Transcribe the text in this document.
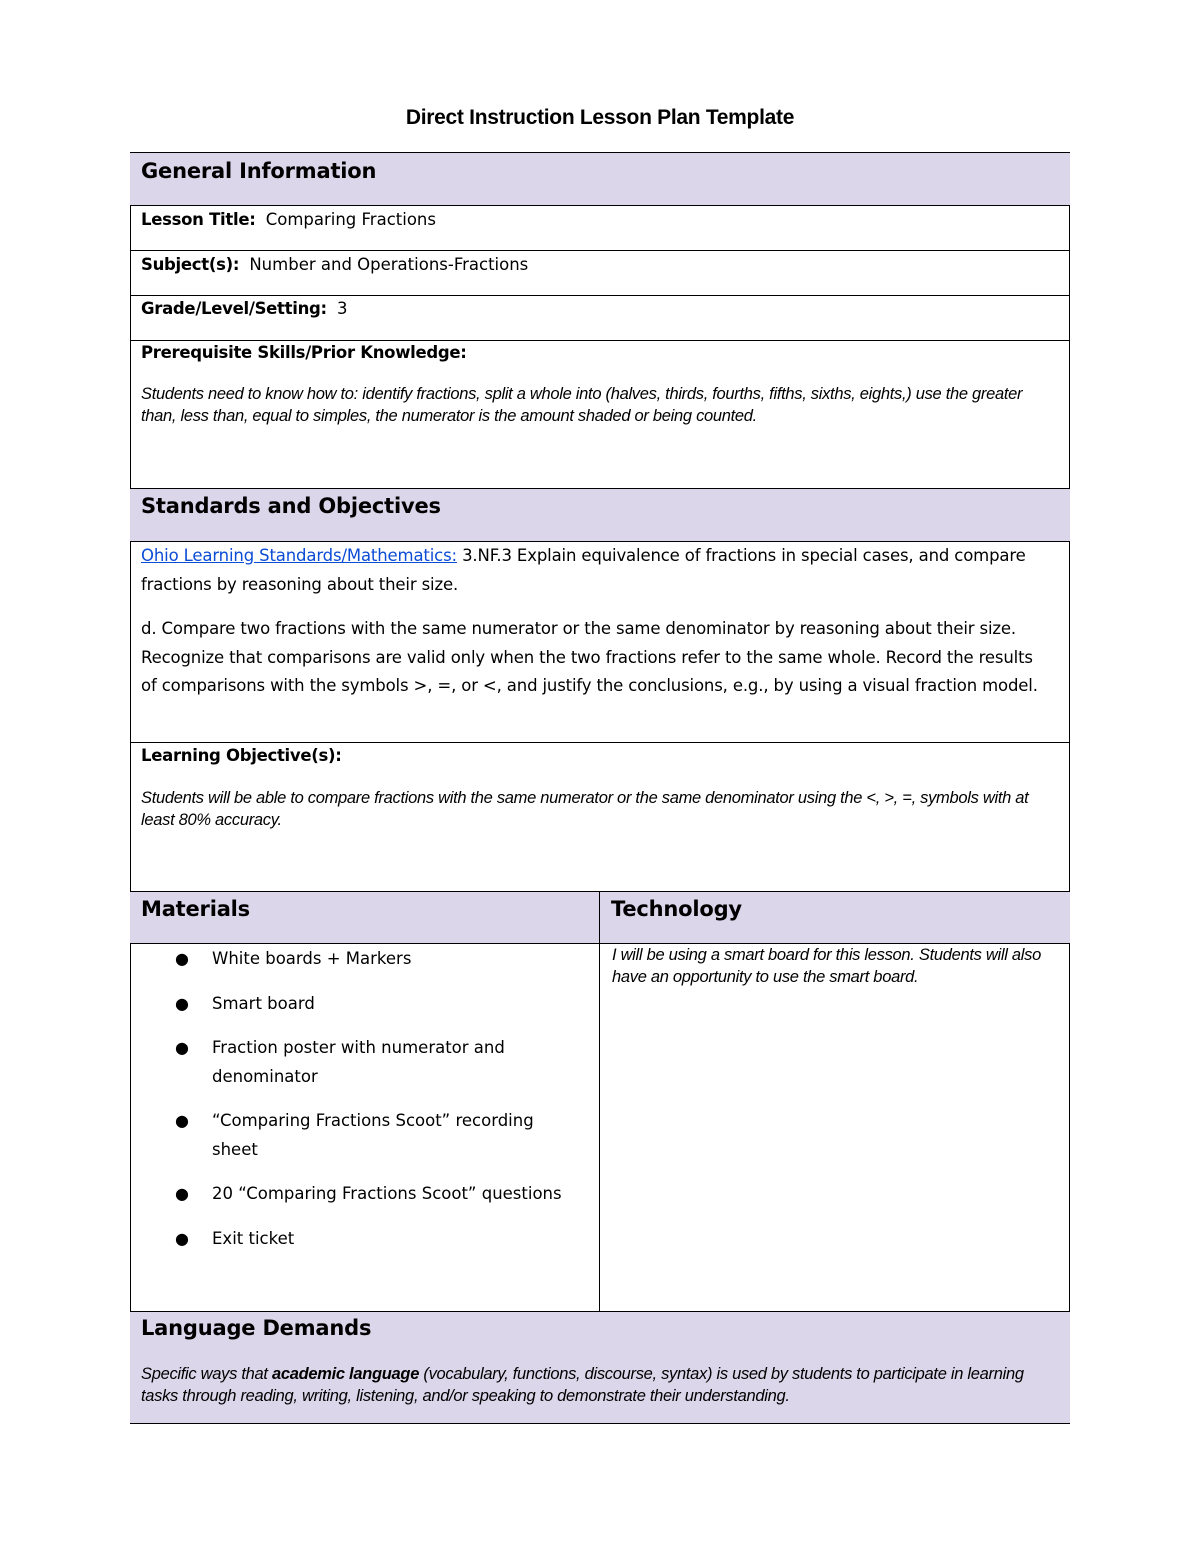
Direct Instruction Lesson Plan Template
General Information
Lesson Title: Comparing Fractions
Subject(s): Number and Operations-Fractions
Grade/Level/Setting: 3
Prerequisite Skills/Prior Knowledge:
Students need to know how to: identify fractions, split a whole into (halves, thirds, fourths, fifths, sixths, eights,) use the greater than, less than, equal to simples, the numerator is the amount shaded or being counted.
Standards and Objectives
Ohio Learning Standards/Mathematics: 3.NF.3 Explain equivalence of fractions in special cases, and compare fractions by reasoning about their size.
d. Compare two fractions with the same numerator or the same denominator by reasoning about their size. Recognize that comparisons are valid only when the two fractions refer to the same whole. Record the results of comparisons with the symbols >, =, or <, and justify the conclusions, e.g., by using a visual fraction model.
Learning Objective(s):
Students will be able to compare fractions with the same numerator or the same denominator using the <, >, =, symbols with at least 80% accuracy.
Materials	Technology
● White boards + Markers
● Smart board
● Fraction poster with numerator and denominator
● “Comparing Fractions Scoot” recording sheet
● 20 “Comparing Fractions Scoot” questions
● Exit ticket
I will be using a smart board for this lesson. Students will also have an opportunity to use the smart board.
Language Demands
Specific ways that academic language (vocabulary, functions, discourse, syntax) is used by students to participate in learning tasks through reading, writing, listening, and/or speaking to demonstrate their understanding.
